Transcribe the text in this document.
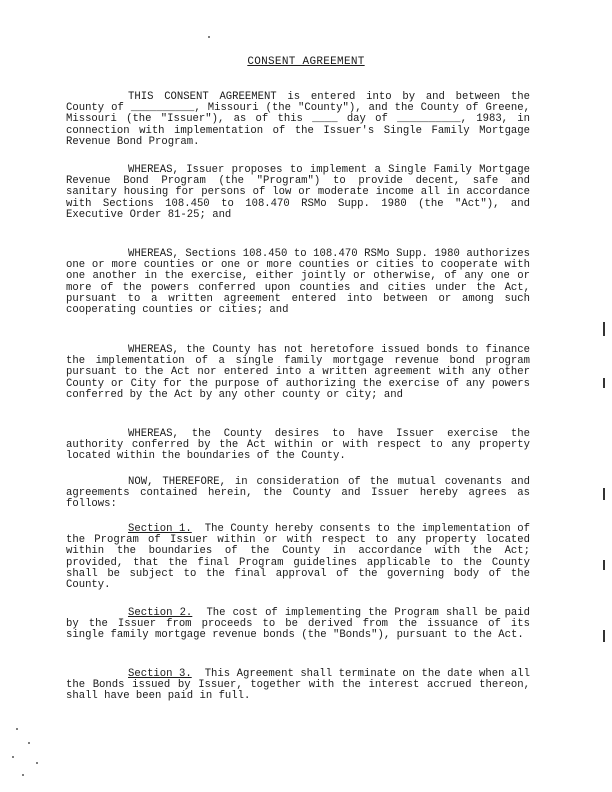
CONSENT AGREEMENT
THIS CONSENT AGREEMENT is entered into by and between the County of __________, Missouri (the "County"), and the County of Greene, Missouri (the "Issuer"), as of this ____ day of __________, 1983, in connection with implementation of the Issuer's Single Family Mortgage Revenue Bond Program.
WHEREAS, Issuer proposes to implement a Single Family Mortgage Revenue Bond Program (the "Program") to provide decent, safe and sanitary housing for persons of low or moderate income all in accordance with Sections 108.450 to 108.470 RSMo Supp. 1980 (the "Act"), and Executive Order 81-25; and
WHEREAS, Sections 108.450 to 108.470 RSMo Supp. 1980 authorizes one or more counties or one or more counties or cities to cooperate with one another in the exercise, either jointly or otherwise, of any one or more of the powers conferred upon counties and cities under the Act, pursuant to a written agreement entered into between or among such cooperating counties or cities; and
WHEREAS, the County has not heretofore issued bonds to finance the implementation of a single family mortgage revenue bond program pursuant to the Act nor entered into a written agreement with any other County or City for the purpose of authorizing the exercise of any powers conferred by the Act by any other county or city; and
WHEREAS, the County desires to have Issuer exercise the authority conferred by the Act within or with respect to any property located within the boundaries of the County.
NOW, THEREFORE, in consideration of the mutual covenants and agreements contained herein, the County and Issuer hereby agrees as follows:
Section 1. The County hereby consents to the implementation of the Program of Issuer within or with respect to any property located within the boundaries of the County in accordance with the Act; provided, that the final Program guidelines applicable to the County shall be subject to the final approval of the governing body of the County.
Section 2. The cost of implementing the Program shall be paid by the Issuer from proceeds to be derived from the issuance of its single family mortgage revenue bonds (the "Bonds"), pursuant to the Act.
Section 3. This Agreement shall terminate on the date when all the Bonds issued by Issuer, together with the interest accrued thereon, shall have been paid in full.
